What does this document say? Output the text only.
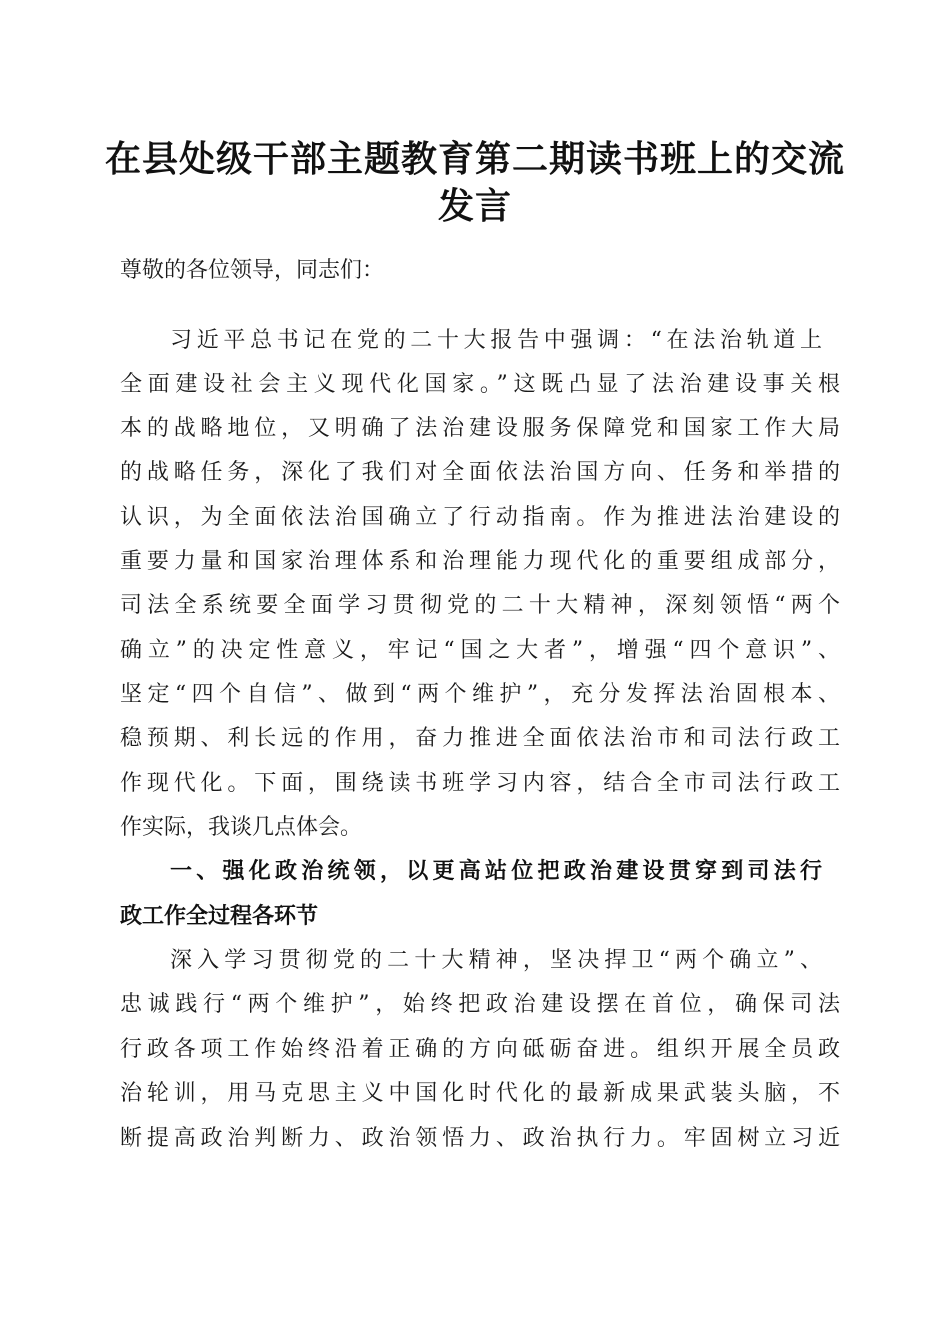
在县处级干部主题教育第二期读书班上的交流
发言
尊敬的各位领导，同志们：
习近平总书记在党的二十大报告中强调：“在法治轨道上
全面建设社会主义现代化国家。”这既凸显了法治建设事关根
本的战略地位，又明确了法治建设服务保障党和国家工作大局
的战略任务，深化了我们对全面依法治国方向、任务和举措的
认识，为全面依法治国确立了行动指南。作为推进法治建设的
重要力量和国家治理体系和治理能力现代化的重要组成部分，
司法全系统要全面学习贯彻党的二十大精神，深刻领悟“两个
确立”的决定性意义，牢记“国之大者”，增强“四个意识”、
坚定“四个自信”、做到“两个维护”，充分发挥法治固根本、
稳预期、利长远的作用，奋力推进全面依法治市和司法行政工
作现代化。下面，围绕读书班学习内容，结合全市司法行政工
作实际，我谈几点体会。
一、强化政治统领，以更高站位把政治建设贯穿到司法行
政工作全过程各环节
深入学习贯彻党的二十大精神，坚决捍卫“两个确立”、
忠诚践行“两个维护”，始终把政治建设摆在首位，确保司法
行政各项工作始终沿着正确的方向砥砺奋进。组织开展全员政
治轮训，用马克思主义中国化时代化的最新成果武装头脑，不
断提高政治判断力、政治领悟力、政治执行力。牢固树立习近
